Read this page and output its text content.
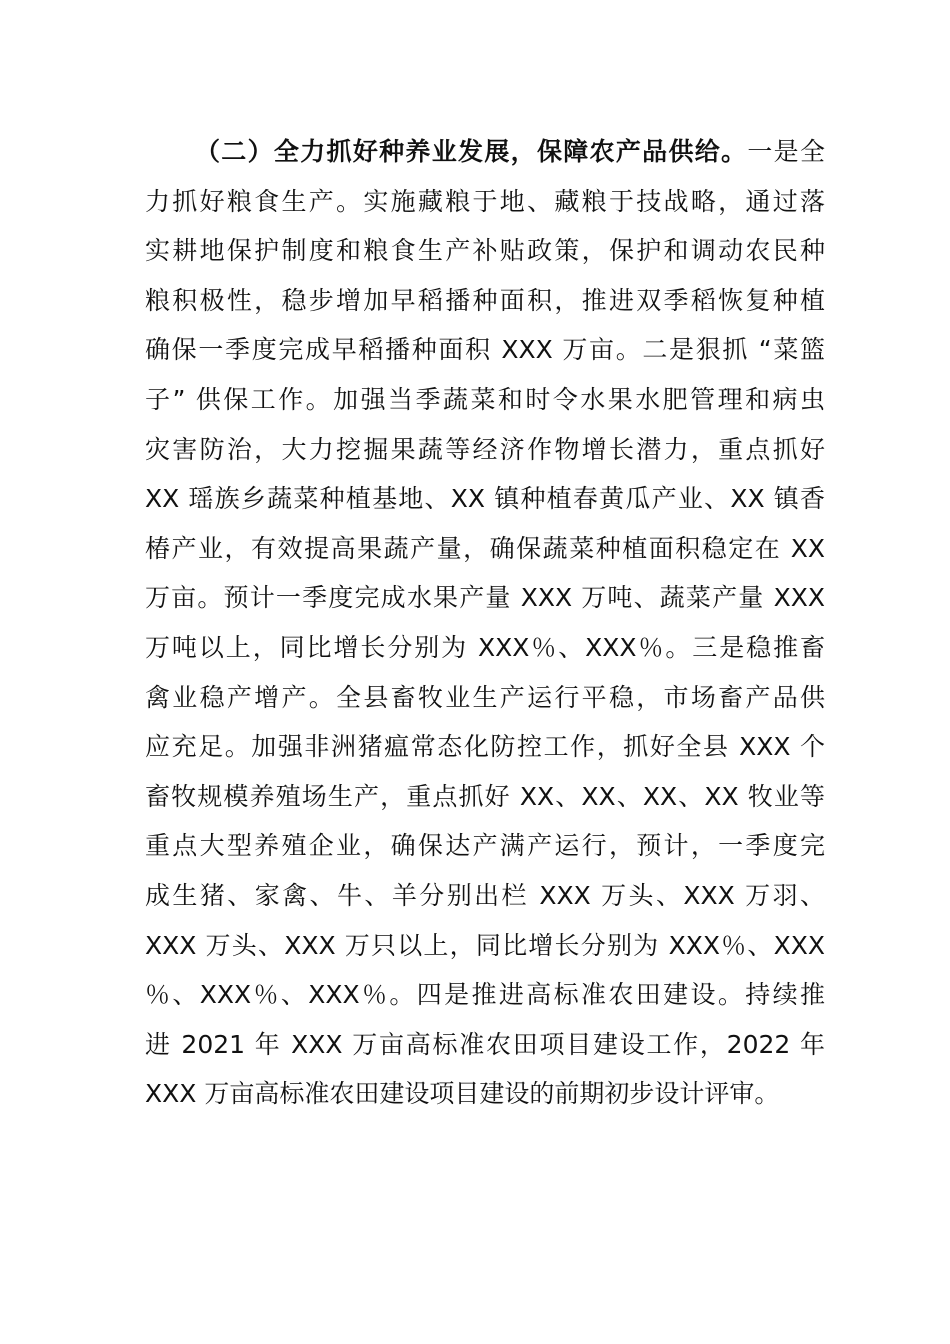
（二）全力抓好种养业发展，保障农产品供给。一是全
力抓好粮食生产。实施藏粮于地、藏粮于技战略，通过落
实耕地保护制度和粮食生产补贴政策，保护和调动农民种
粮积极性，稳步增加早稻播种面积，推进双季稻恢复种植
确保一季度完成早稻播种面积 XXX 万亩。二是狠抓 “菜篮
子” 供保工作。加强当季蔬菜和时令水果水肥管理和病虫
灾害防治，大力挖掘果蔬等经济作物增长潜力，重点抓好
XX 瑶族乡蔬菜种植基地、XX 镇种植春黄瓜产业、XX 镇香
椿产业，有效提高果蔬产量，确保蔬菜种植面积稳定在 XX
万亩。预计一季度完成水果产量 XXX 万吨、蔬菜产量 XXX
万吨以上，同比增长分别为 XXX％、XXX％。三是稳推畜
禽业稳产增产。全县畜牧业生产运行平稳，市场畜产品供
应充足。加强非洲猪瘟常态化防控工作，抓好全县 XXX 个
畜牧规模养殖场生产，重点抓好 XX、XX、XX、XX 牧业等
重点大型养殖企业，确保达产满产运行，预计，一季度完
成生猪、家禽、牛、羊分别出栏 XXX 万头、XXX 万羽、
XXX 万头、XXX 万只以上，同比增长分别为 XXX％、XXX
％、XXX％、XXX％。四是推进高标准农田建设。持续推
进 2021 年 XXX 万亩高标准农田项目建设工作，2022 年
XXX 万亩高标准农田建设项目建设的前期初步设计评审。
